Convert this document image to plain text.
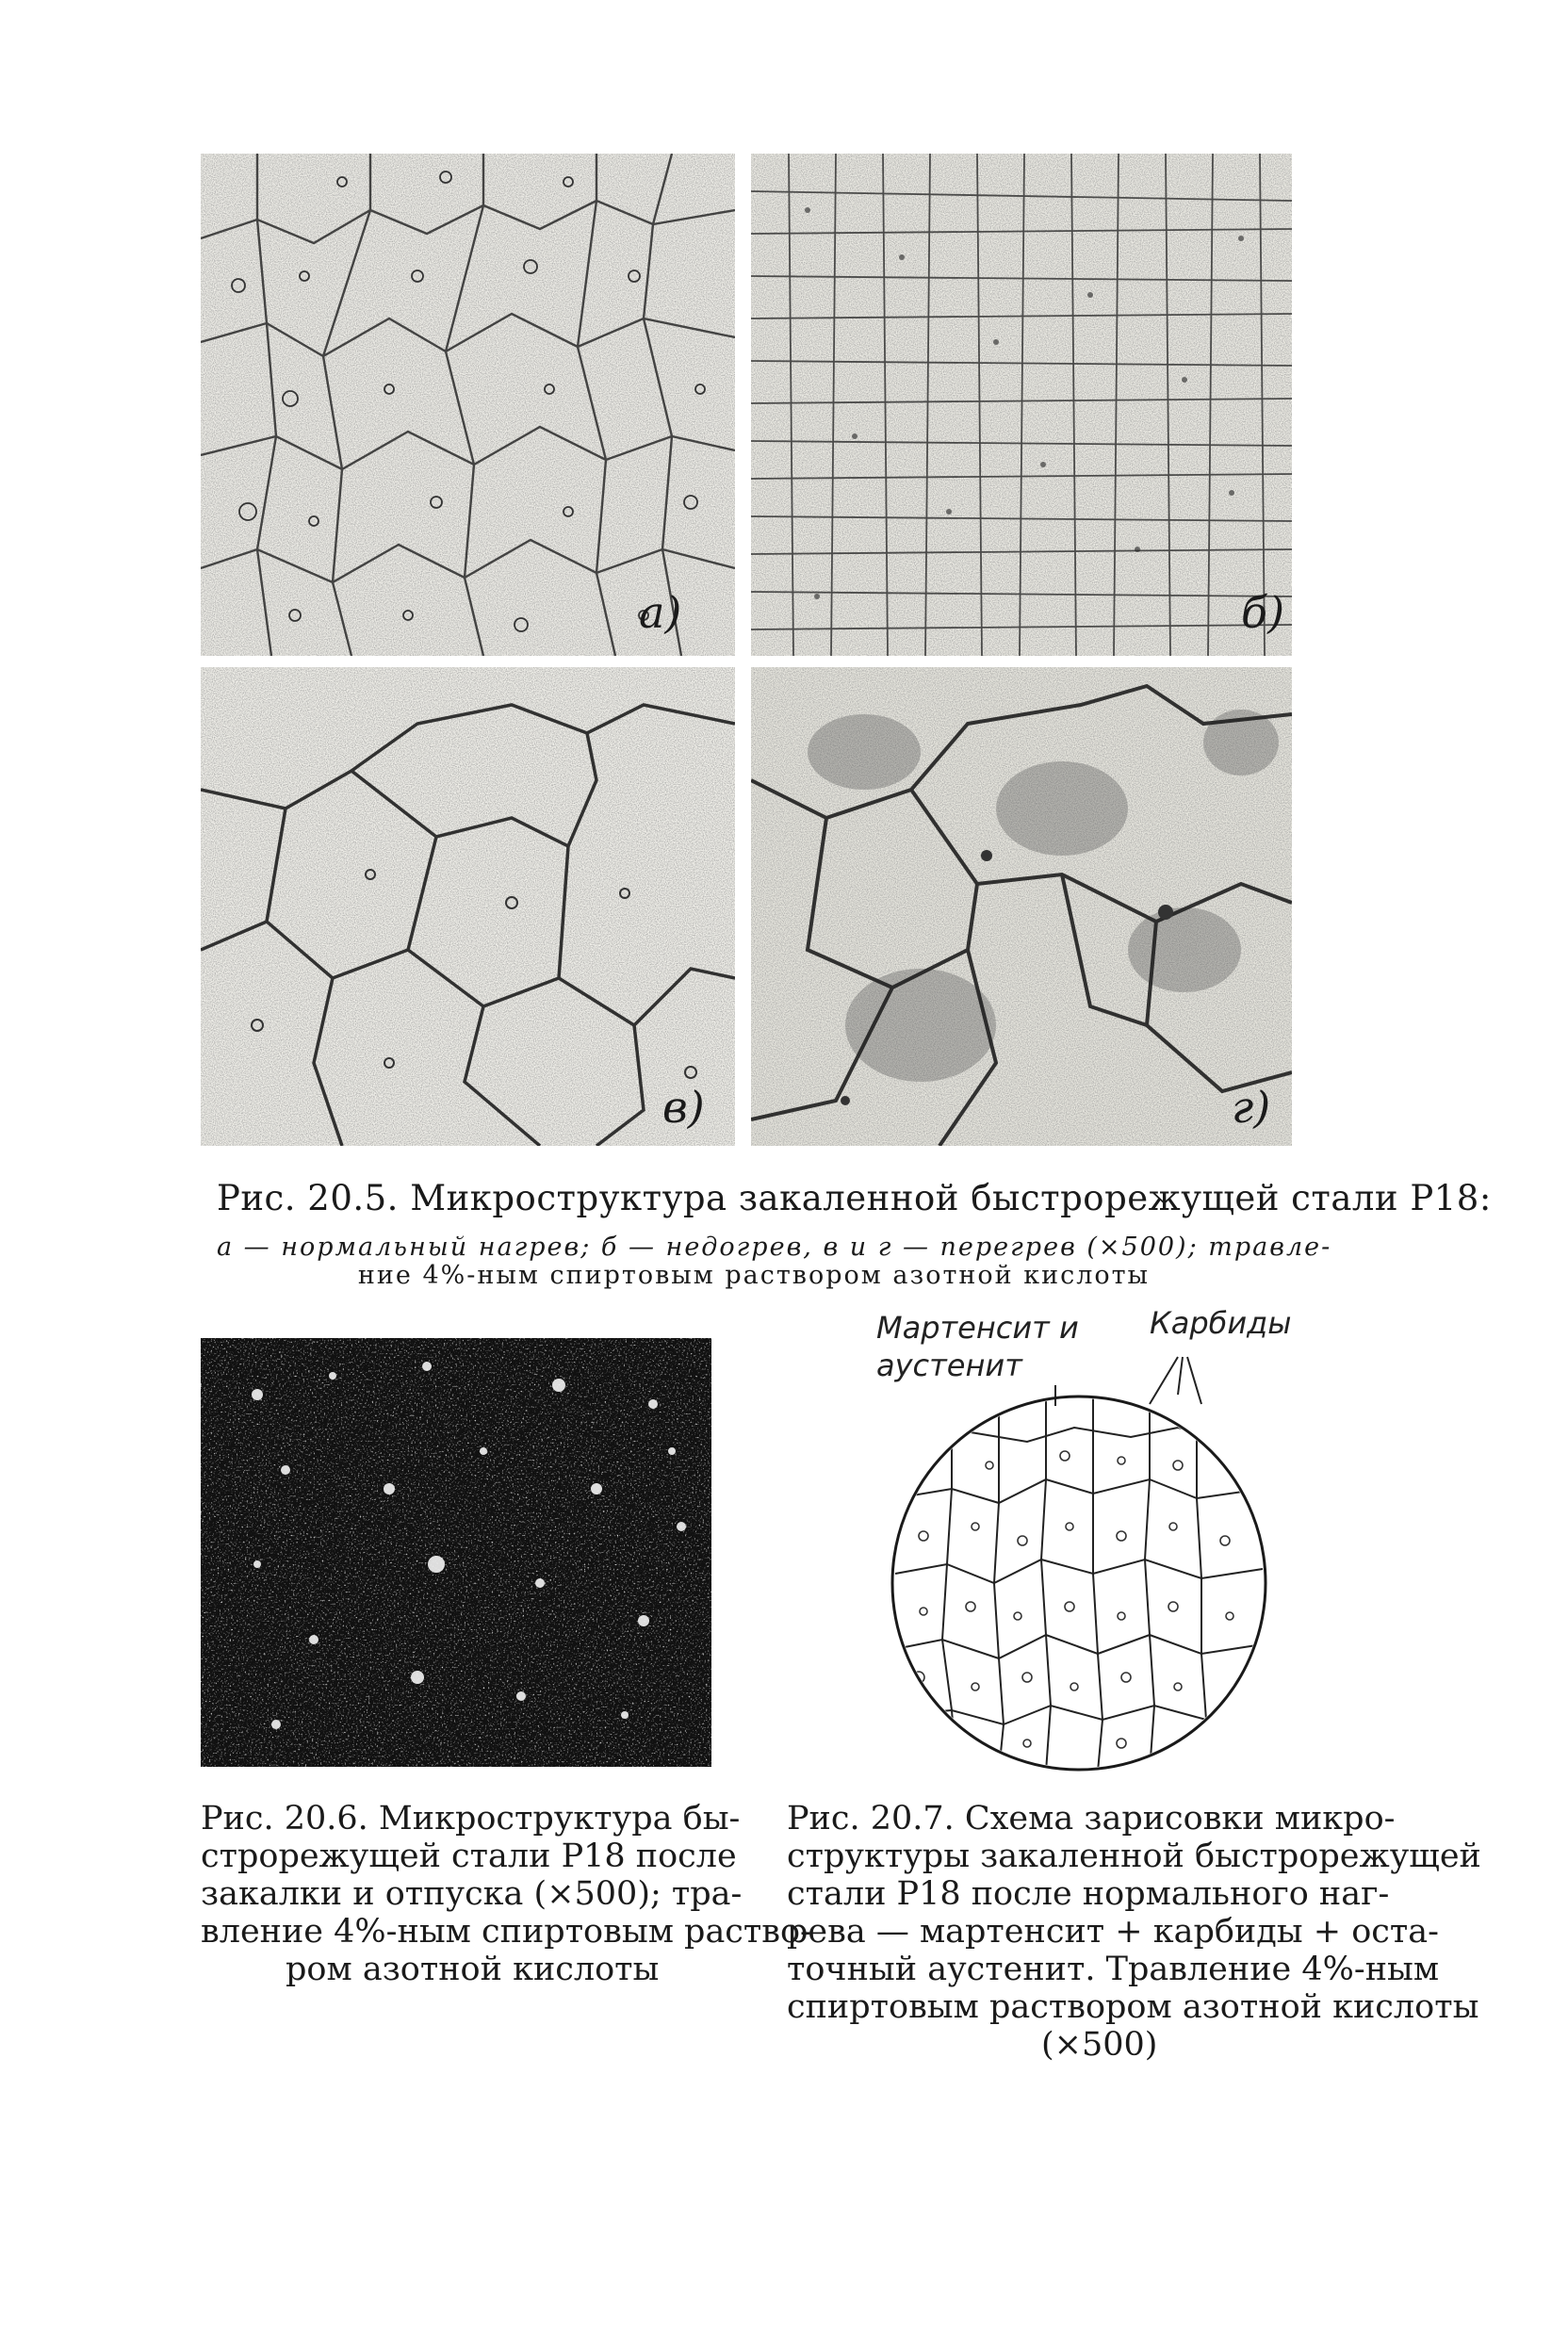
а)	б)
в)	г)
Рис. 20.5. Микроструктура закаленной быстрорежущей стали Р18:
а — нормальный нагрев; б — недогрев, в и г — перегрев (×500); травле-
ние 4%-ным спиртовым раствором азотной кислоты
Рис. 20.6. Микроструктура бы-
строрежущей стали Р18 после
закалки и отпуска (×500); тра-
вление 4%-ным спиртовым раство-
ром азотной кислоты
Мартенсит и
аустенит
Карбиды
Рис. 20.7. Схема зарисовки микро-
структуры закаленной быстрорежущей
стали Р18 после нормального наг-
рева — мартенсит + карбиды + оста-
точный аустенит. Травление 4%-ным
спиртовым раствором азотной кислоты
(×500)
